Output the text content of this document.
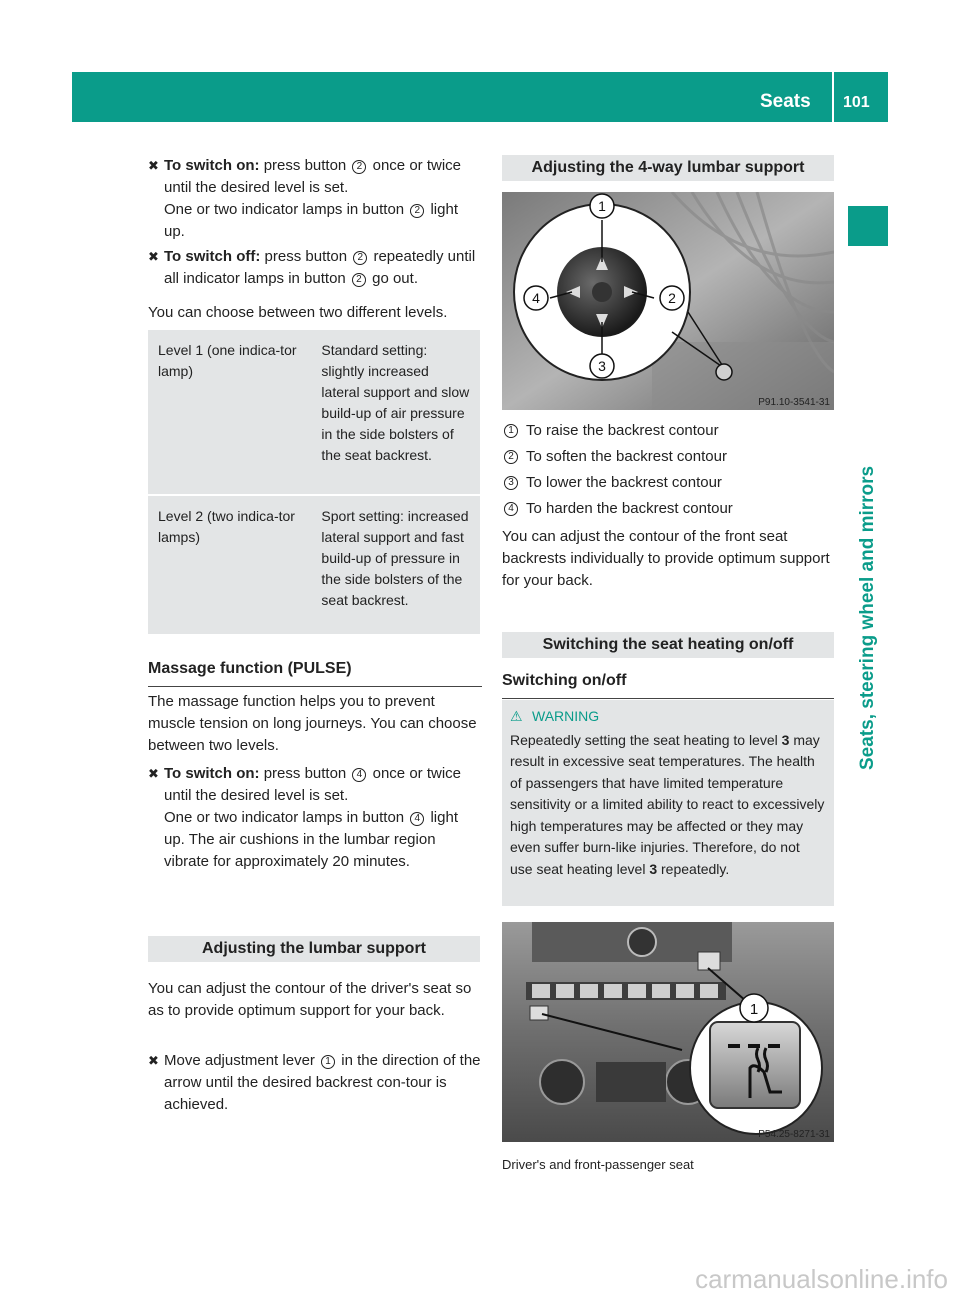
Seats 101
Seats, steering wheel and mirrors
✖ To switch on: press button 2 once or twice until the desired level is set.
One or two indicator lamps in button 2 light up.
✖ To switch off: press button 2 repeatedly until all indicator lamps in button 2 go out.
You can choose between two different levels.
Level 1 (one indica-tor lamp)
Standard setting: slightly increased lateral support and slow build-up of air pressure in the side bolsters of the seat backrest.
Level 2 (two indica-tor lamps)
Sport setting: increased lateral support and fast build-up of pressure in the side bolsters of the seat backrest.
Massage function (PULSE)
The massage function helps you to prevent muscle tension on long journeys. You can choose between two levels.
✖ To switch on: press button 4 once or twice until the desired level is set.
One or two indicator lamps in button 4 light up. The air cushions in the lumbar region vibrate for approximately 20 minutes.
Adjusting the lumbar support
You can adjust the contour of the driver's seat so as to provide optimum support for your back.
✖ Move adjustment lever 1 in the direction of the arrow until the desired backrest con-tour is achieved.
Adjusting the 4-way lumbar support
1
2
3
4
P91.10-3541-31
1 To raise the backrest contour
2 To soften the backrest contour
3 To lower the backrest contour
4 To harden the backrest contour
You can adjust the contour of the front seat backrests individually to provide optimum support for your back.
Switching the seat heating on/off
Switching on/off
⚠ WARNING
Repeatedly setting the seat heating to level 3 may result in excessive seat temperatures. The health of passengers that have limited temperature sensitivity or a limited ability to react to excessively high temperatures may be affected or they may even suffer burn-like injuries. Therefore, do not use seat heating level 3 repeatedly.
1
P54.25-8271-31
Driver's and front-passenger seat
carmanualsonline.info
